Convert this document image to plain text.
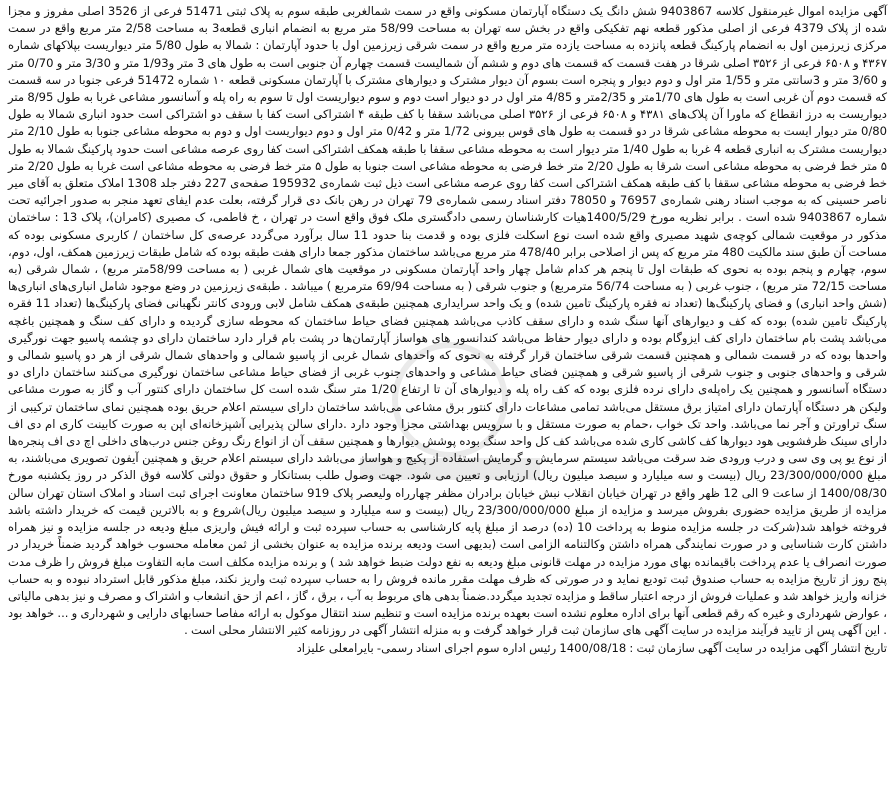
آگهی مزایده اموال غیرمنقول کلاسه 9403867 شش دانگ یک دستگاه آپارتمان مسکونی واقع در سمت شمالغربی طبقه سوم به پلاک ثبتی 51471 فرعی از 3526 اصلی مفروز و مجزا شده از پلاک 4379 فرعی از اصلی مذکور قطعه نهم تفکیکی واقع در بخش سه تهران به مساحت 58/99 متر مربع به انضمام انباری قطعه3 به مساحت 2/58 متر مربع واقع در سمت مرکزی زیرزمین اول به انضمام پارکینگ قطعه پانزده به مساحت یازده متر مربع واقع در سمت شرقی زیرزمین اول با حدود آپارتمان : شمالا به طول 5/80 متر دیواریست بپلاکهای شماره ۴۳۶۷ و ۶۵۰۸ فرعی از ۳۵۲۶ اصلی شرقا در هفت قسمت که قسمت های دوم و ششم آن شمالیست قسمت چهارم آن جنوبی است به طول های 3 متر و1/93 متر و 3/30 متر و 0/70 متر و 3/60 متر و 3سانتی متر و 1/55 متر اول و دوم دیوار و پنجره است بسوم آن دیوار مشترک و دیوارهای مشترک با آپارتمان مسکونی قطعه ۱۰ شماره 51472 فرعی جنوبا در سه قسمت که قسمت دوم آن غربی است به طول های 1/70متر و 2/35متر و 4/85 متر اول در دو دیوار است دوم و سوم دیواریست اول تا سوم به راه پله و آسانسور مشاعی غربا به طول 8/95 متر دیواریست به درز انقطاع که ماورا آن پلاک‌های ۴۳۸۱ و ۶۵۰۸ فرعی از ۳۵۲۶ اصلی می‌باشد سقفا با کف طبقه ۴ اشتراکی است کفا با سقف دو اشتراکی است حدود انباری شمالا به طول 0/80 متر دیوار ایست به محوطه مشاعی شرقا در دو قسمت به طول های قوس بیرونی 1/72 متر و 0/42 متر اول و دوم دیواریست اول و دوم به محوطه مشاعی جنوبا به طول 2/10 متر دیواریست مشترک به انباری قطعه 4 غربا به طول 1/40 متر دیوار است به محوطه مشاعی سقفا با طبقه همکف اشتراکی است کفا روی عرصه مشاعی است حدود پارکینگ شمالا به طول ۵ متر خط فرضی به محوطه مشاعی است شرقا به طول 2/20 متر خط فرضی به محوطه مشاعی است جنوبا به طول ۵ متر خط فرضی به محوطه مشاعی است غربا به طول 2/20 متر خط فرضی به محوطه مشاعی سقفا با کف طبقه همکف اشتراکی است کفا روی عرصه مشاعی است ذیل ثبت شماره‌ی 195932 صفحه‌ی 227 دفتر جلد 1308 املاک متعلق به آقای میر ناصر حسینی که به موجب اسناد رهنی شماره‌ی 76957 و 78050 دفتر اسناد رسمی شماره‌ی 79 تهران در رهن بانک دی قرار گرفته، بعلت عدم ایفای تعهد منجر به صدور اجرائیه تحت شماره 9403867 شده است . برابر نظریه مورخ 1400/5/29هیات کارشناسان رسمی دادگستری ملک فوق واقع است در تهران ، خ فاطمی، ک مصیری (کامران)، پلاک 13 : ساختمان مذکور در موقعیت شمالی کوچه‌ی شهید مصیری واقع شده است نوع اسکلت فلزی بوده و قدمت بنا حدود 11 سال برآورد می‌گردد عرصه‌ی کل ساختمان / کاربری مسکونی بوده که مساحت آن طبق سند مالکیت 480 متر مربع که پس از اصلاحی برابر 478/40 متر مربع می‌باشد ساختمان مذکور جمعا دارای هفت طبقه بوده که شامل طبقات زیرزمین همکف، اول، دوم، سوم، چهارم و پنجم بوده به نحوی که طبقات اول تا پنجم هر کدام شامل چهار واحد آپارتمان مسکونی در موقعیت های شمال غربی ( به مساحت 58/99متر مربع) ، شمال شرقی (به مساحت 72/15 متر مربع) ، جنوب غربی ( به مساحت 56/74 مترمربع) و جنوب شرقی ( به مساحت 69/94 مترمربع ) میباشد . طبقه‌ی زیرزمین در وضع موجود شامل انباری‌های انباری‌ها (شش واحد انباری) و فضای پارکینگ‌ها (تعداد نه فقره پارکینگ تامین شده) و یک واحد سرایداری همچنین طبقه‌ی همکف شامل لابی ورودی کانتر نگهبانی فضای پارکینگ‌ها (تعداد 11 فقره پارکینگ تامین شده) بوده که کف و دیوارهای آنها سنگ شده و دارای سقف کاذب می‌باشد همچنین فضای حیاط ساختمان که محوطه سازی گردیده و دارای کف سنگ و همچنین باغچه می‌باشد پشت بام ساختمان دارای کف ایزوگام بوده و دارای دیوار حفاظ می‌باشد کندانسور های هواساز آپارتمان‌ها در پشت بام قرار دارد ساختمان دارای دو چشمه پاسیو جهت نورگیری واحدها بوده که در قسمت شمالی و همچنین قسمت شرقی ساختمان قرار گرفته به نحوی که واحدهای شمال غربی از پاسیو شمالی و واحدهای شمال شرقی از هر دو پاسیو شمالی و شرقی و واحدهای جنوبی و جنوب شرقی از پاسیو شرقی و همچنین فضای حیاط مشاعی و واحدهای جنوب غربی از فضای حیاط مشاعی ساختمان نورگیری می‌کنند ساختمان دارای دو دستگاه آسانسور و همچنین یک راه‌پله‌ی دارای نرده فلزی بوده که کف راه پله و دیوارهای آن تا ارتفاع 1/20 متر سنگ شده است کل ساختمان دارای کنتور آب و گاز به صورت مشاعی ولیکن هر دستگاه آپارتمان دارای امتیاز برق مستقل می‌باشد تمامی مشاعات دارای کنتور برق مشاعی می‌باشد ساختمان دارای سیستم اعلام حریق بوده همچنین نمای ساختمان ترکیبی از سنگ تراورتن و آجر نما می‌باشد. واحد تک خواب ،حمام به صورت مستقل و با سرویس بهداشتی مجزا وجود دارد .دارای سالن پذیرایی آشپزخانه‌ای اپن به صورت کابینت کاری ام دی اف دارای سینک ظرفشویی هود دیوارها کف کاشی کاری شده می‌باشد کف کل واحد سنگ بوده پوشش دیوارها و همچنین سقف آن از انواع رنگ روغن جنس درب‌های داخلی اچ دی اف پنجره‌ها از نوع یو پی وی سی و درب ورودی ضد سرقت می‌باشد سیستم سرمایش و گرمایش استفاده از پکیج و هواساز می‌باشد دارای سیستم اعلام حریق و همچنین آیفون تصویری می‌باشند، به مبلغ 23/300/000/000 ریال (بیست و سه میلیارد و سیصد میلیون ریال) ارزیابی و تعیین می شود. جهت وصول طلب بستانکار و حقوق دولتی کلاسه فوق الذکر در روز یکشنبه مورخ 1400/08/30 از ساعت 9 الی 12 ظهر واقع در تهران خیابان انقلاب نبش خیابان برادران مظفر چهارراه ولیعصر پلاک 919 ساختمان معاونت اجرای ثبت اسناد و املاک استان تهران سالن مزایده از طریق مزایده حضوری بفروش میرسد و مزایده از مبلغ 23/300/000/000 ریال (بیست و سه میلیارد و سیصد میلیون ریال)شروع و به بالاترین قیمت که خریدار داشته باشد فروخته خواهد شد(شرکت در جلسه مزایده منوط به پرداخت 10 (ده) درصد از مبلغ پایه کارشناسی به حساب سپرده ثبت و ارائه فیش واریزی مبلغ ودیعه در جلسه مزایده و نیز همراه داشتن کارت شناسایی و در صورت نمایندگی همراه داشتن وکالتنامه الزامی است (بدیهی است ودیعه برنده مزایده به عنوان بخشی از ثمن معامله محسوب خواهد گردید ضمناً خریدار در صورت انصراف یا عدم پرداخت باقیمانده بهای مورد مزایده در مهلت قانونی مبلغ ودیعه به نفع دولت ضبط خواهد شد ) و برنده مزایده مکلف است مابه التفاوت مبلغ فروش را ظرف مدت پنج روز از تاریخ مزایده به حساب صندوق ثبت تودیع نماید و در صورتی که ظرف مهلت مقرر مانده فروش را به حساب سپرده ثبت واریز نکند، مبلغ مذکور قابل استرداد نبوده و به حساب خزانه واریز خواهد شد و عملیات فروش از درجه اعتبار ساقط و مزایده تجدید میگردد.ضمناً بدهی های مربوط به آب ، برق ، گاز ، اعم از حق انشعاب و اشتراک و مصرف و نیز بدهی مالیاتی ، عوارض شهرداری و غیره که رقم قطعی آنها برای اداره معلوم نشده است بعهده برنده مزایده است و تنظیم سند انتقال موکول به ارائه مفاصا حسابهای دارایی و شهرداری و ... خواهد بود . این آگهی پس از تایید فرآیند مزایده در سایت آگهی های سازمان ثبت قرار خواهد گرفت و به منزله انتشار آگهی در روزنامه کثیر الانتشار محلی است .

تاریخ انتشار آگهی مزایده در سایت آگهی سازمان ثبت : 1400/08/18 رئیس اداره سوم اجرای اسناد رسمی- بایرامعلی علیزاد
